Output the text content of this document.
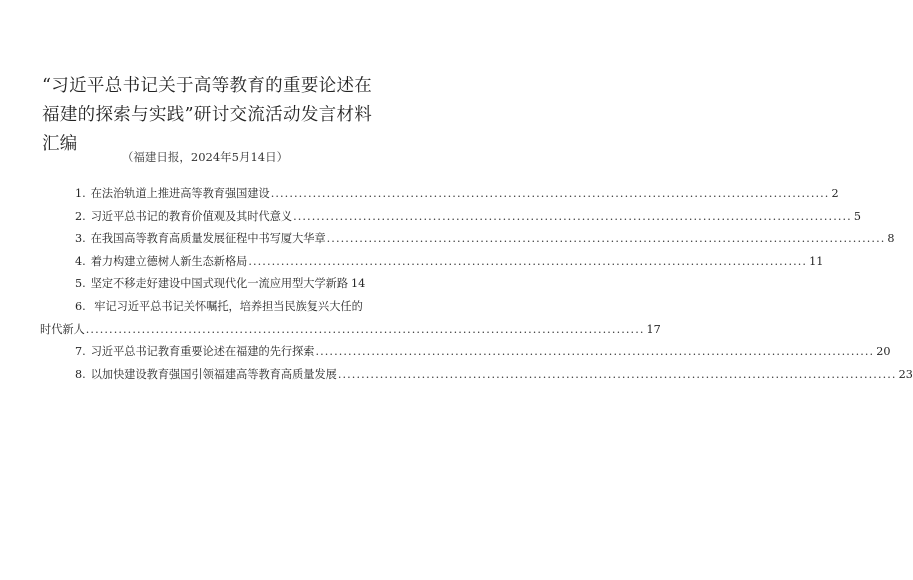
“习近平总书记关于高等教育的重要论述在福建的探索与实践”研讨交流活动发言材料汇编

（福建日报，2024年5月14日）

1. 在法治轨道上推进高等教育强国建设 ........................................................................................................................ 2
2. 习近平总书记的教育价值观及其时代意义 ........................................................................................................................ 5
3. 在我国高等教育高质量发展征程中书写厦大华章 ........................................................................................................................ 8
4. 着力构建立德树人新生态新格局 ........................................................................................................................ 11
5. 坚定不移走好建设中国式现代化一流应用型大学新路 14
6. 牢记习近平总书记关怀嘱托，培养担当民族复兴大任的
时代新人 ........................................................................................................................ 17
7. 习近平总书记教育重要论述在福建的先行探索 ........................................................................................................................ 20
8. 以加快建设教育强国引领福建高等教育高质量发展 ........................................................................................................................ 23
